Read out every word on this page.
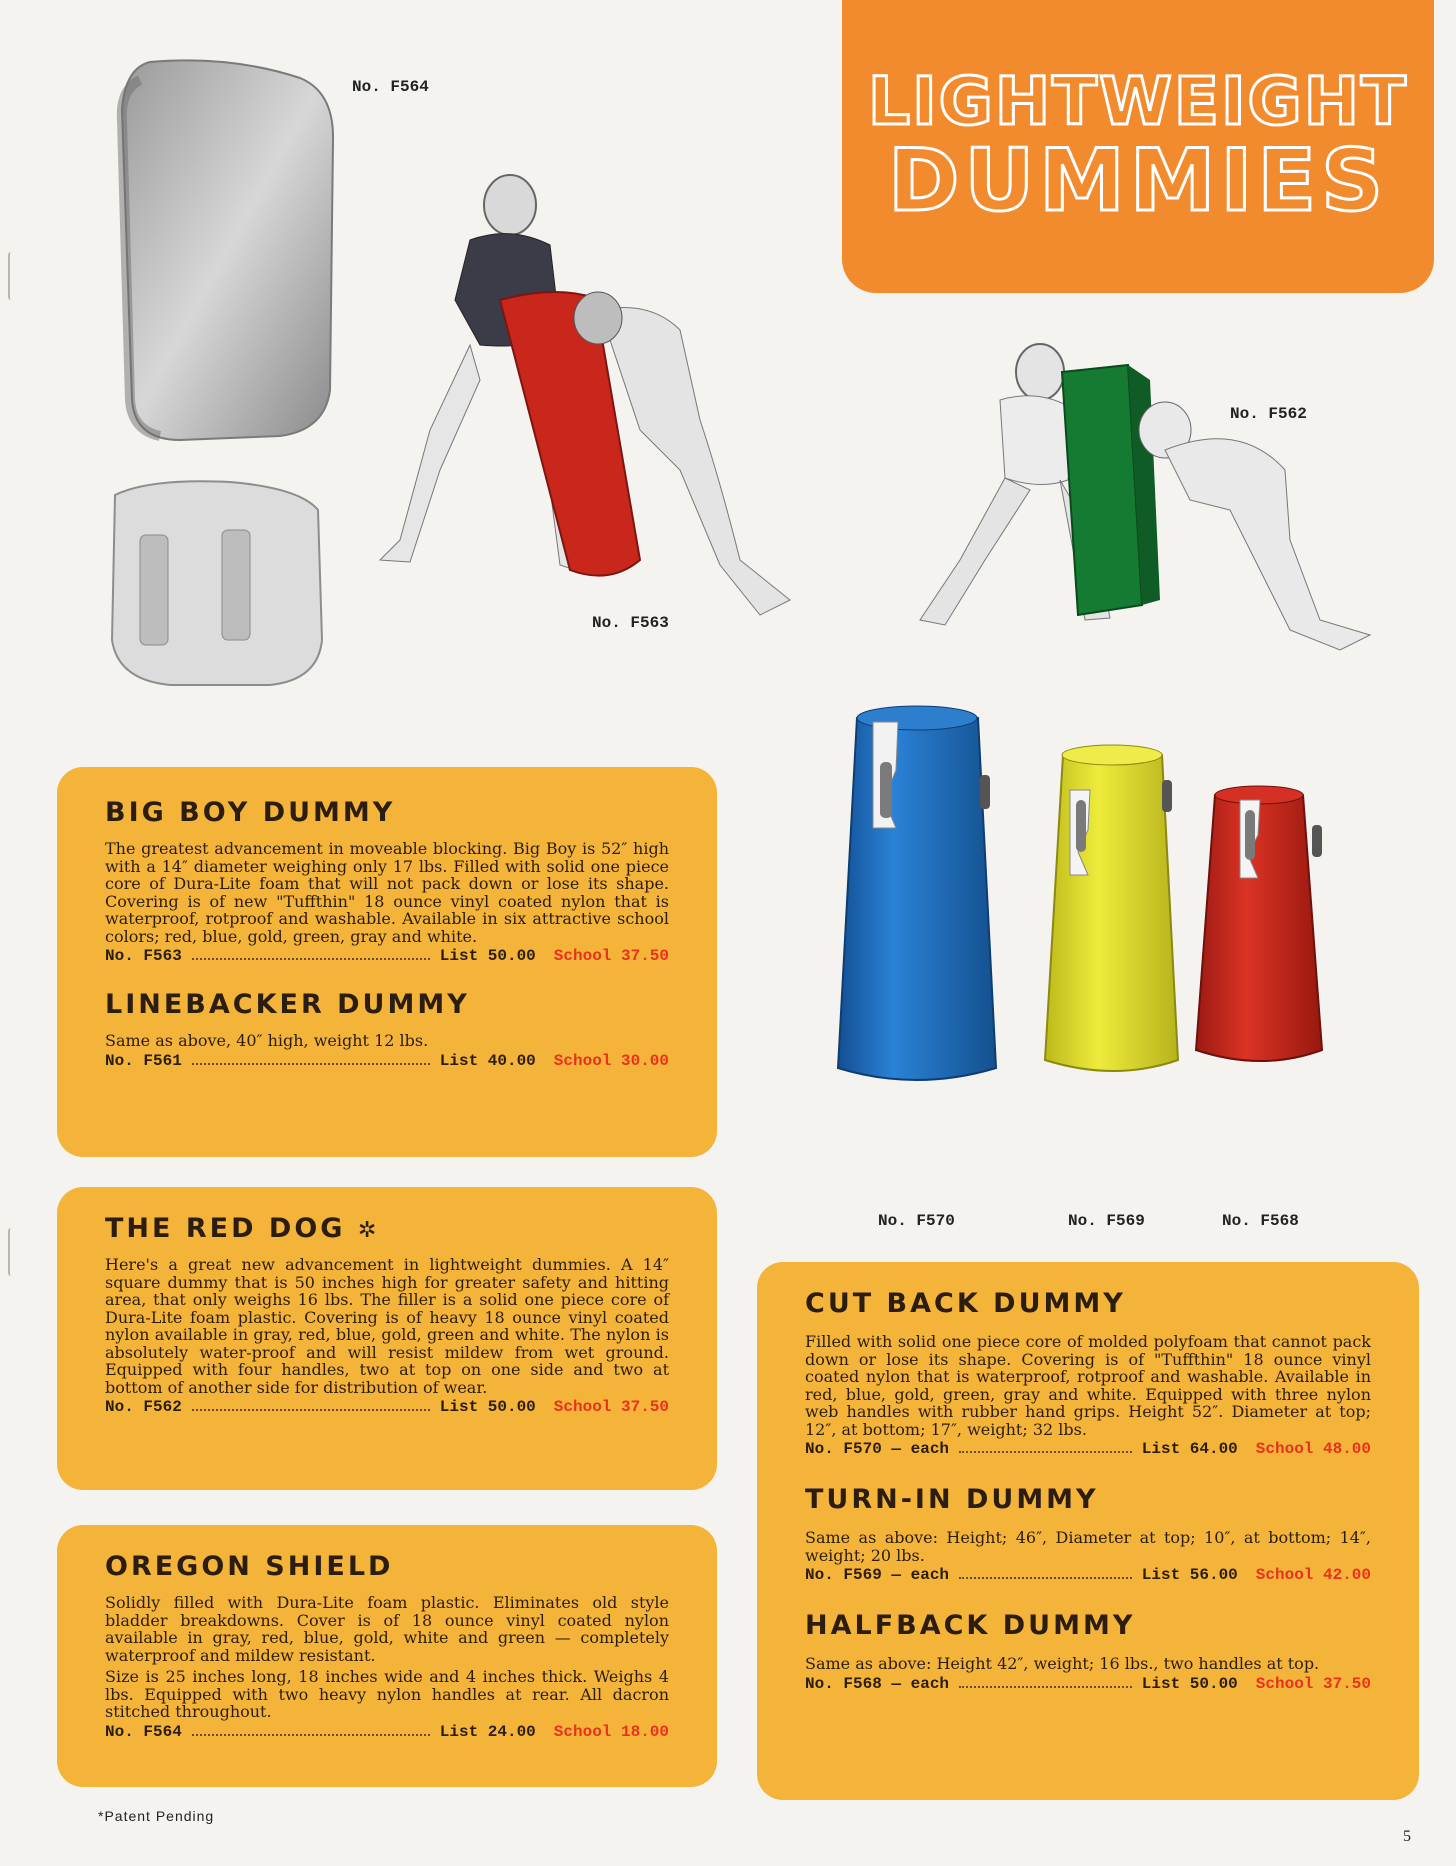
LIGHTWEIGHT
DUMMIES
No. F564
No. F563
No. F562
No. F570	No. F569	No. F568
BIG BOY DUMMY

The greatest advancement in moveable blocking. Big Boy is 52″ high with a 14″ diameter weighing only 17 lbs. Filled with solid one piece core of Dura-Lite foam that will not pack down or lose its shape. Covering is of new "Tuffthin" 18 ounce vinyl coated nylon that is waterproof, rotproof and washable. Available in six attractive school colors; red, blue, gold, green, gray and white.

No. F563	List 50.00 School 37.50
LINEBACKER DUMMY

Same as above, 40″ high, weight 12 lbs.

No. F561	List 40.00 School 30.00
THE RED DOG ✲

Here's a great new advancement in lightweight dummies. A 14″ square dummy that is 50 inches high for greater safety and hitting area, that only weighs 16 lbs. The filler is a solid one piece core of Dura-Lite foam plastic. Covering is of heavy 18 ounce vinyl coated nylon available in gray, red, blue, gold, green and white. The nylon is absolutely water-proof and will resist mildew from wet ground. Equipped with four handles, two at top on one side and two at bottom of another side for distribution of wear.

No. F562	List 50.00 School 37.50
OREGON SHIELD

Solidly filled with Dura-Lite foam plastic. Eliminates old style bladder breakdowns. Cover is of 18 ounce vinyl coated nylon available in gray, red, blue, gold, white and green — completely waterproof and mildew resistant.

Size is 25 inches long, 18 inches wide and 4 inches thick. Weighs 4 lbs. Equipped with two heavy nylon handles at rear. All dacron stitched throughout.

No. F564	List 24.00 School 18.00
CUT BACK DUMMY

Filled with solid one piece core of molded polyfoam that cannot pack down or lose its shape. Covering is of "Tuffthin" 18 ounce vinyl coated nylon that is waterproof, rotproof and washable. Available in red, blue, gold, green, gray and white. Equipped with three nylon web handles with rubber hand grips. Height 52″. Diameter at top; 12″, at bottom; 17″, weight; 32 lbs.

No. F570 — each	List 64.00 School 48.00
TURN-IN DUMMY

Same as above: Height; 46″, Diameter at top; 10″, at bottom; 14″, weight; 20 lbs.

No. F569 — each	List 56.00 School 42.00
HALFBACK DUMMY

Same as above: Height 42″, weight; 16 lbs., two handles at top.

No. F568 — each	List 50.00 School 37.50
*Patent Pending
5
